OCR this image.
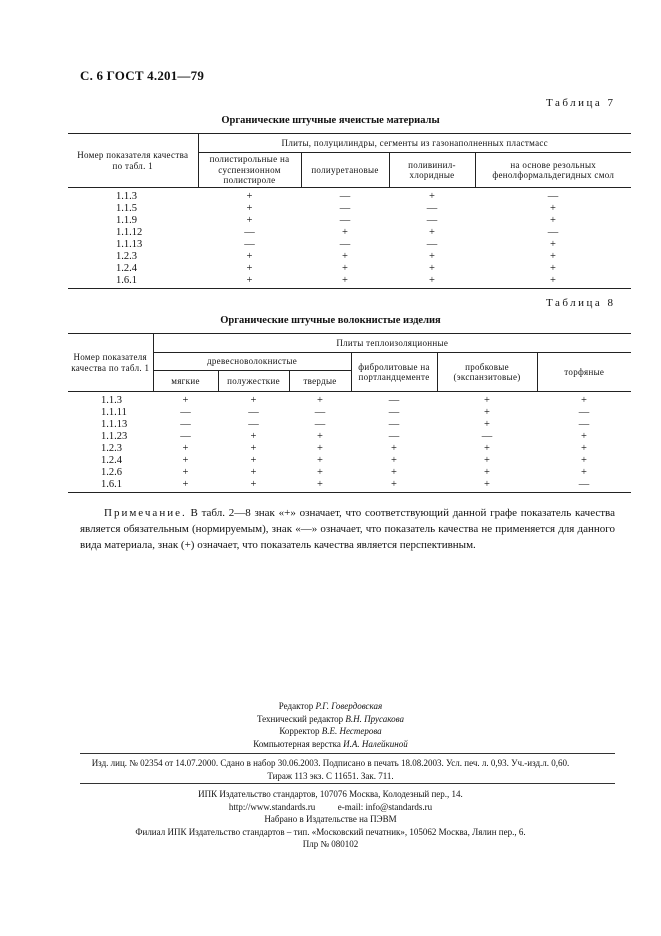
С. 6 ГОСТ 4.201—79
Таблица 7
Органические штучные ячеистые материалы
Номер показателя качества по табл. 1	Плиты, полуцилиндры, сегменты из газонаполненных пластмасс			
	полистирольные на суспензионном полистироле	полиуретановые	поливинил-хлоридные	на основе резольных фенолформальдегидных смол
1.1.3	+	—	+	—
1.1.5	+	—	—	+
1.1.9	+	—	—	+
1.1.12	—	+	+	—
1.1.13	—	—	—	+
1.2.3	+	+	+	+
1.2.4	+	+	+	+
1.6.1	+	+	+	+
Таблица 8
Органические штучные волокнистые изделия
Номер показателя качества по табл. 1	Плиты теплоизоляционные					
	древесноволокнистые			фибролитовые на портландцементе	пробковые (экспанзитовые)	торфяные
	мягкие	полужесткие	твердые			
1.1.3	+	+	+	—	+	+
1.1.11	—	—	—	—	+	—
1.1.13	—	—	—	—	+	—
1.1.23	—	+	+	—	—	+
1.2.3	+	+	+	+	+	+
1.2.4	+	+	+	+	+	+
1.2.6	+	+	+	+	+	+
1.6.1	+	+	+	+	+	—
Примечание. В табл. 2—8 знак «+» означает, что соответствующий данной графе показатель качества является обязательным (нормируемым), знак «—» означает, что показатель качества не применяется для данного вида материала, знак (+) означает, что показатель качества является перспективным.
Редактор Р.Г. Говердовская
Технический редактор В.Н. Прусакова
Корректор В.Е. Нестерова
Компьютерная верстка И.А. Налейкиной
Изд. лиц. № 02354 от 14.07.2000. Сдано в набор 30.06.2003. Подписано в печать 18.08.2003. Усл. печ. л. 0,93. Уч.-изд.л. 0,60.
Тираж 113 экз. С 11651. Зак. 711.
ИПК Издательство стандартов, 107076 Москва, Колодезный пер., 14.
http://www.standards.ru          e-mail: info@standards.ru
Набрано в Издательстве на ПЭВМ
Филиал ИПК Издательство стандартов – тип. «Московский печатник», 105062 Москва, Лялин пер., 6.
Плр № 080102
